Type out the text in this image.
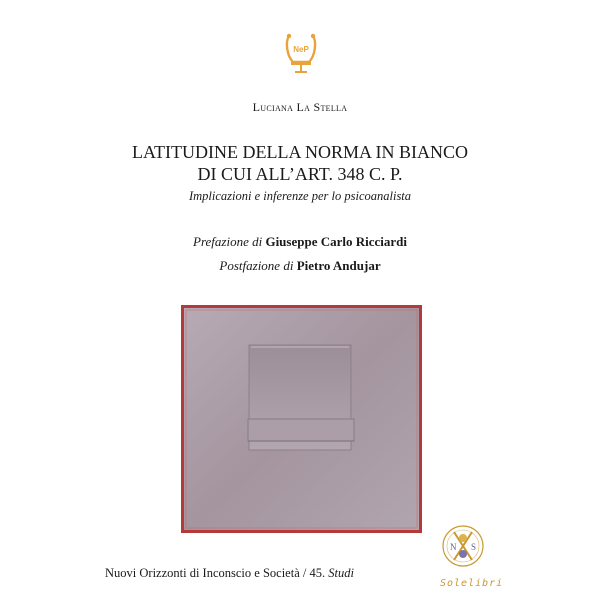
NeP
Luciana La Stella
LATITUDINE DELLA NORMA IN BIANCO
DI CUI ALL’ART. 348 C. P.
Implicazioni e inferenze per lo psicoanalista
Prefazione di Giuseppe Carlo Ricciardi
Postfazione di Pietro Andujar
Nuovi Orizzonti di Inconscio e Società / 45. Studi
N S
Solelibri
